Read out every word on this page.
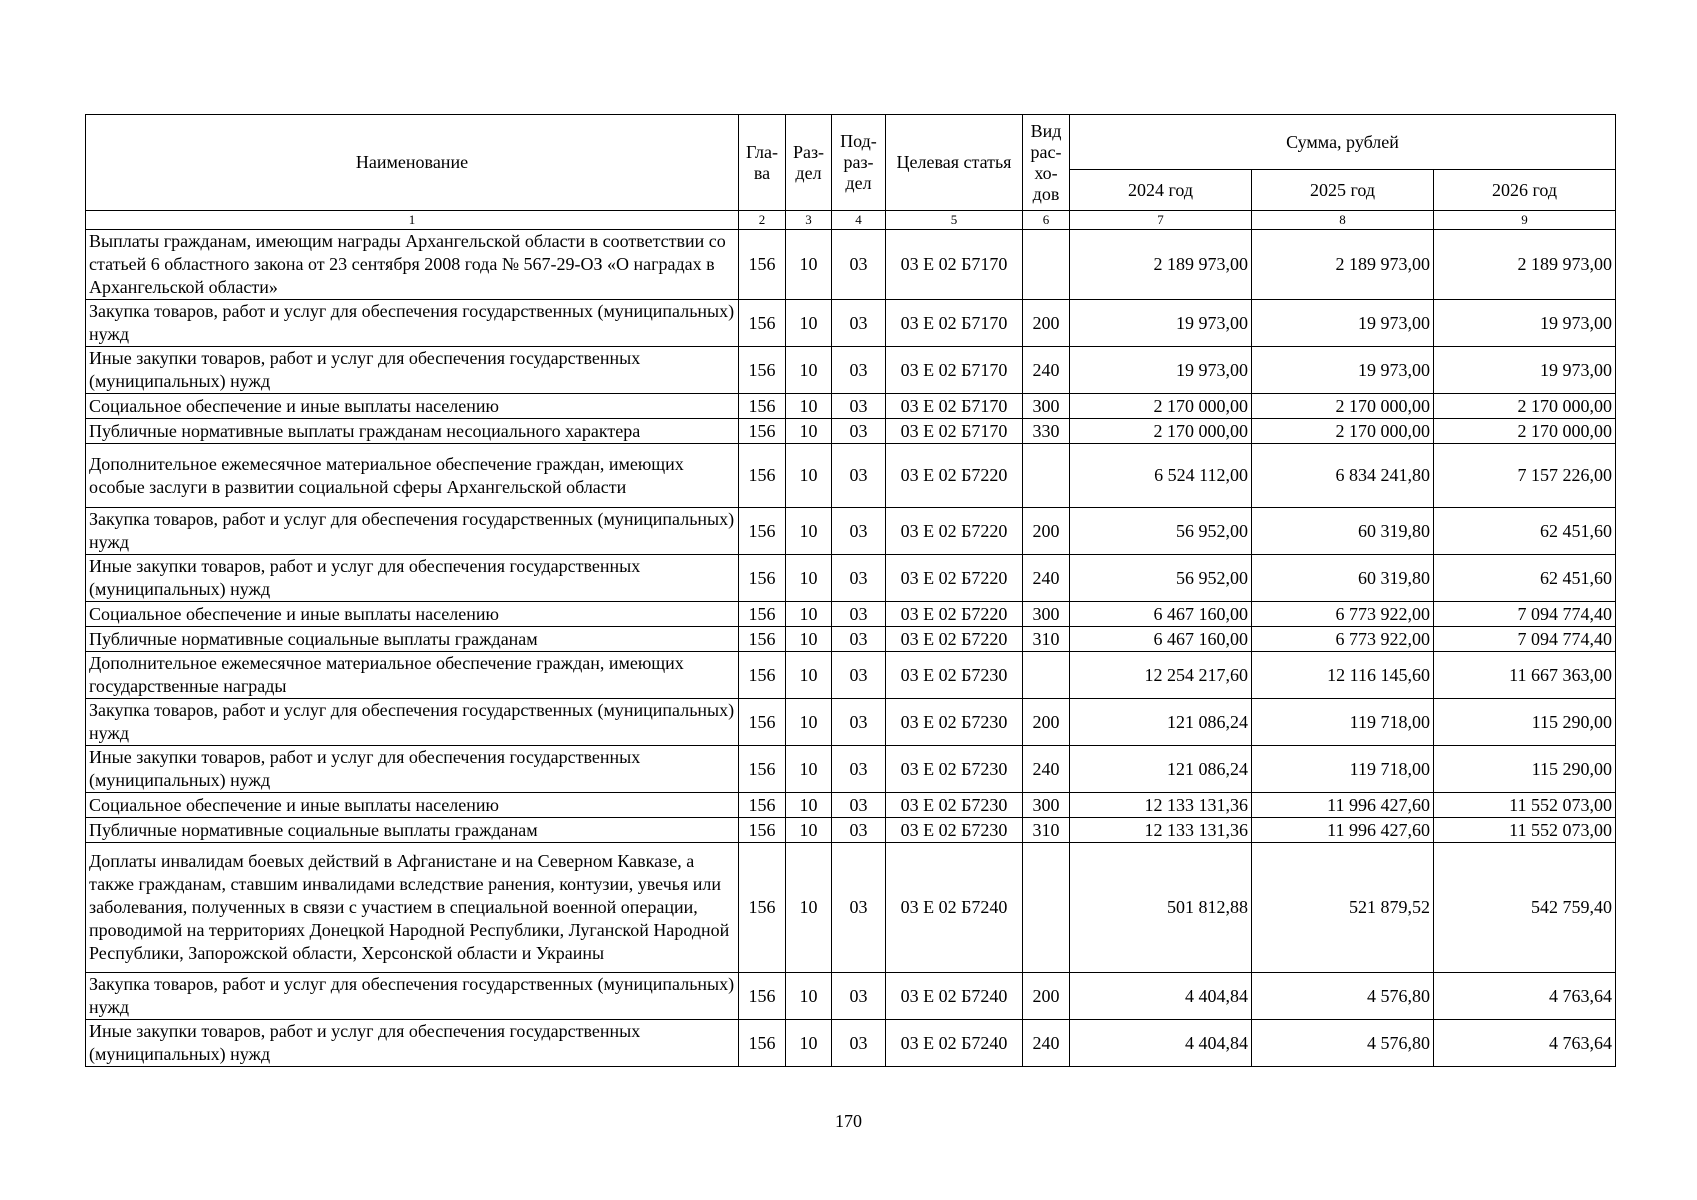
Наименование	Гла- ва	Раз- дел	Под- раз- дел	Целевая статья	Вид рас- хо- дов	Сумма, рублей		
						2024 год	2025 год	2026 год
1	2	3	4	5	6	7	8	9
Выплаты гражданам, имеющим награды Архангельской области в соответствии со статьей 6 областного закона от 23 сентября 2008 года № 567-29-ОЗ «О наградах в Архангельской области»	156	10	03	03 Е 02 Б7170		2 189 973,00	2 189 973,00	2 189 973,00
Закупка товаров, работ и услуг для обеспечения государственных (муниципальных) нужд	156	10	03	03 Е 02 Б7170	200	19 973,00	19 973,00	19 973,00
Иные закупки товаров, работ и услуг для обеспечения государственных (муниципальных) нужд	156	10	03	03 Е 02 Б7170	240	19 973,00	19 973,00	19 973,00
Социальное обеспечение и иные выплаты населению	156	10	03	03 Е 02 Б7170	300	2 170 000,00	2 170 000,00	2 170 000,00
Публичные нормативные выплаты гражданам несоциального характера	156	10	03	03 Е 02 Б7170	330	2 170 000,00	2 170 000,00	2 170 000,00
Дополнительное ежемесячное материальное обеспечение граждан, имеющих особые заслуги в развитии социальной сферы Архангельской области	156	10	03	03 Е 02 Б7220		6 524 112,00	6 834 241,80	7 157 226,00
Закупка товаров, работ и услуг для обеспечения государственных (муниципальных) нужд	156	10	03	03 Е 02 Б7220	200	56 952,00	60 319,80	62 451,60
Иные закупки товаров, работ и услуг для обеспечения государственных (муниципальных) нужд	156	10	03	03 Е 02 Б7220	240	56 952,00	60 319,80	62 451,60
Социальное обеспечение и иные выплаты населению	156	10	03	03 Е 02 Б7220	300	6 467 160,00	6 773 922,00	7 094 774,40
Публичные нормативные социальные выплаты гражданам	156	10	03	03 Е 02 Б7220	310	6 467 160,00	6 773 922,00	7 094 774,40
Дополнительное ежемесячное материальное обеспечение граждан, имеющих государственные награды	156	10	03	03 Е 02 Б7230		12 254 217,60	12 116 145,60	11 667 363,00
Закупка товаров, работ и услуг для обеспечения государственных (муниципальных) нужд	156	10	03	03 Е 02 Б7230	200	121 086,24	119 718,00	115 290,00
Иные закупки товаров, работ и услуг для обеспечения государственных (муниципальных) нужд	156	10	03	03 Е 02 Б7230	240	121 086,24	119 718,00	115 290,00
Социальное обеспечение и иные выплаты населению	156	10	03	03 Е 02 Б7230	300	12 133 131,36	11 996 427,60	11 552 073,00
Публичные нормативные социальные выплаты гражданам	156	10	03	03 Е 02 Б7230	310	12 133 131,36	11 996 427,60	11 552 073,00
Доплаты инвалидам боевых действий в Афганистане и на Северном Кавказе, а также гражданам, ставшим инвалидами вследствие ранения, контузии, увечья или заболевания, полученных в связи с участием в специальной военной операции, проводимой на территориях Донецкой Народной Республики, Луганской Народной Республики, Запорожской области, Херсонской области и Украины	156	10	03	03 Е 02 Б7240		501 812,88	521 879,52	542 759,40
Закупка товаров, работ и услуг для обеспечения государственных (муниципальных) нужд	156	10	03	03 Е 02 Б7240	200	4 404,84	4 576,80	4 763,64
Иные закупки товаров, работ и услуг для обеспечения государственных (муниципальных) нужд	156	10	03	03 Е 02 Б7240	240	4 404,84	4 576,80	4 763,64
170
